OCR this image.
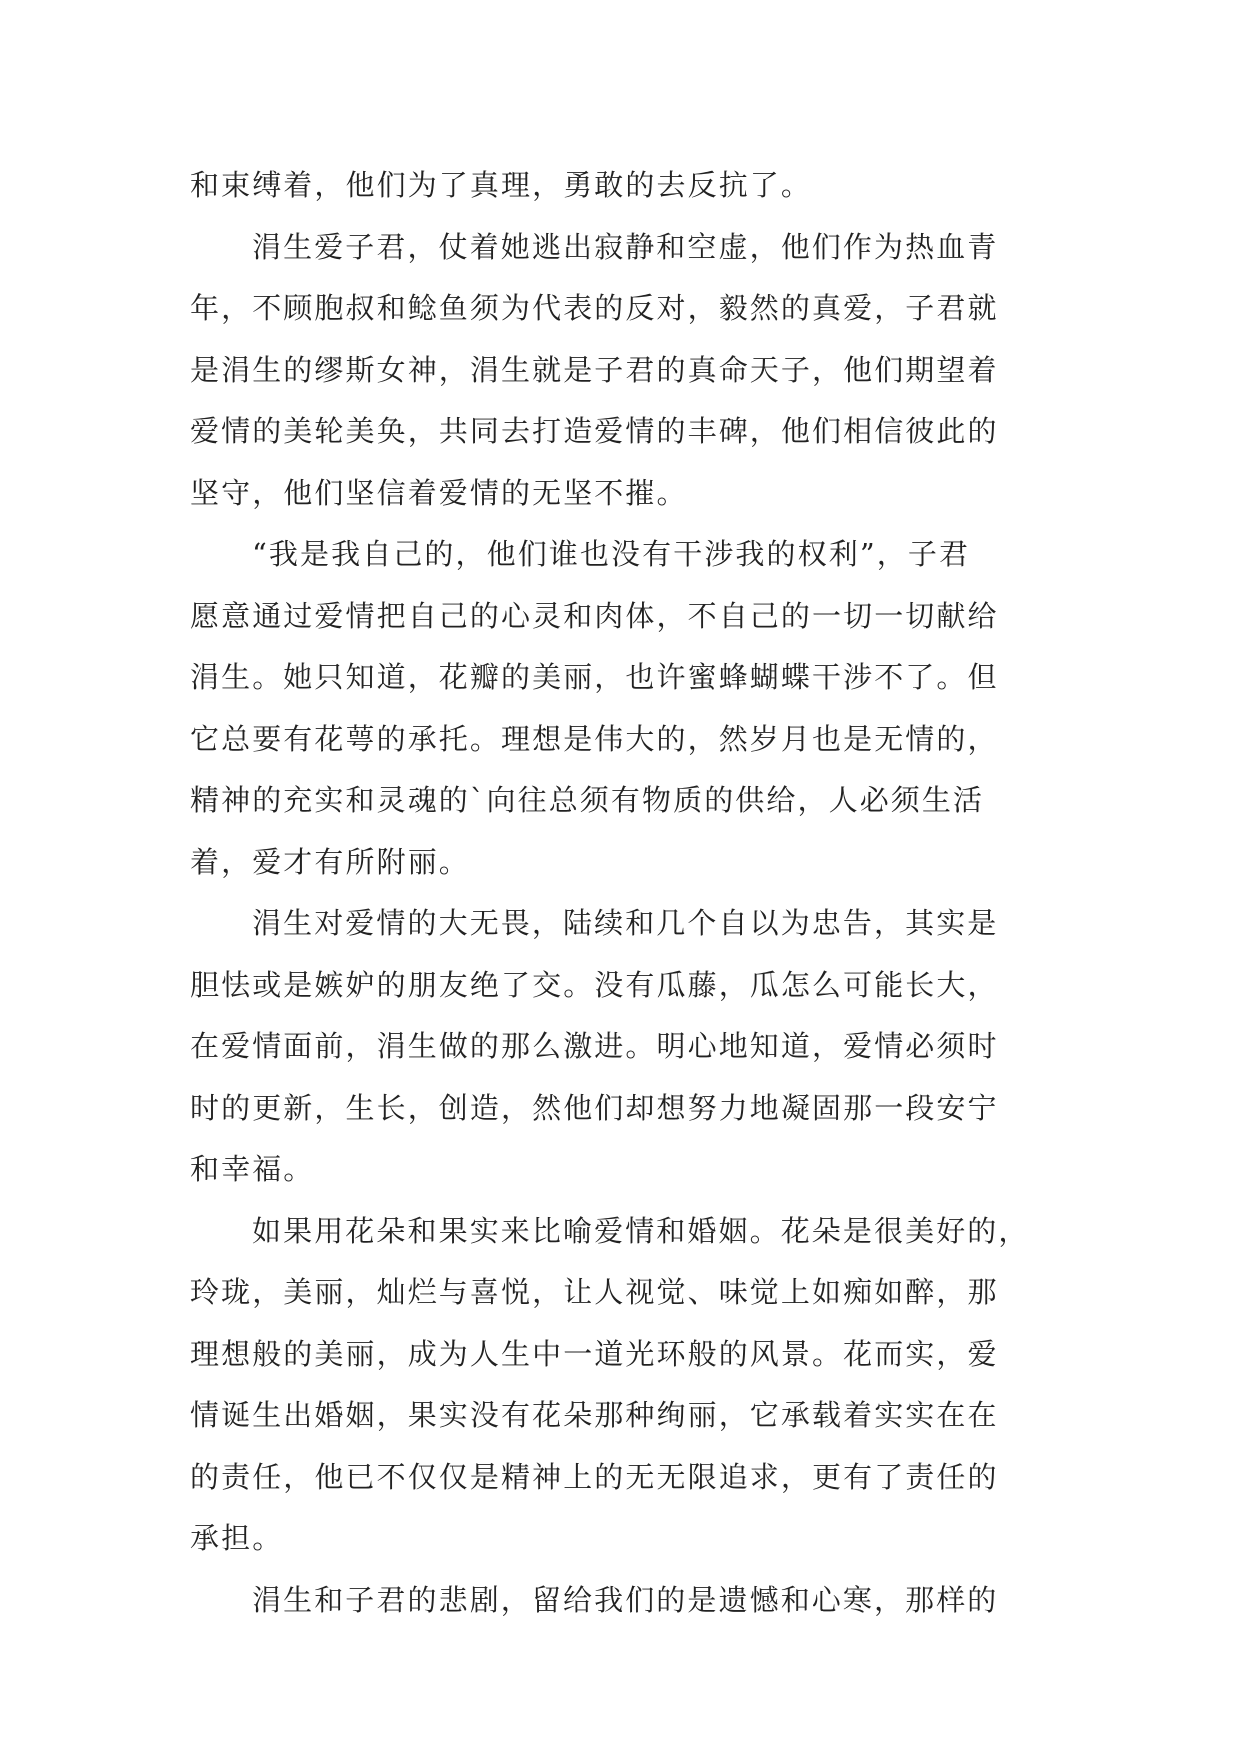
和束缚着，他们为了真理，勇敢的去反抗了。
涓生爱子君，仗着她逃出寂静和空虚，他们作为热血青
年，不顾胞叔和鲶鱼须为代表的反对，毅然的真爱，子君就
是涓生的缪斯女神，涓生就是子君的真命天子，他们期望着
爱情的美轮美奂，共同去打造爱情的丰碑，他们相信彼此的
坚守，他们坚信着爱情的无坚不摧。
“我是我自己的，他们谁也没有干涉我的权利”，子君
愿意通过爱情把自己的心灵和肉体，不自己的一切一切献给
涓生。她只知道，花瓣的美丽，也许蜜蜂蝴蝶干涉不了。但
它总要有花萼的承托。理想是伟大的，然岁月也是无情的，
精神的充实和灵魂的`向往总须有物质的供给，人必须生活
着，爱才有所附丽。
涓生对爱情的大无畏，陆续和几个自以为忠告，其实是
胆怯或是嫉妒的朋友绝了交。没有瓜藤，瓜怎么可能长大，
在爱情面前，涓生做的那么激进。明心地知道，爱情必须时
时的更新，生长，创造，然他们却想努力地凝固那一段安宁
和幸福。
如果用花朵和果实来比喻爱情和婚姻。花朵是很美好的，
玲珑，美丽，灿烂与喜悦，让人视觉、味觉上如痴如醉，那
理想般的美丽，成为人生中一道光环般的风景。花而实，爱
情诞生出婚姻，果实没有花朵那种绚丽，它承载着实实在在
的责任，他已不仅仅是精神上的无无限追求，更有了责任的
承担。
涓生和子君的悲剧，留给我们的是遗憾和心寒，那样的
